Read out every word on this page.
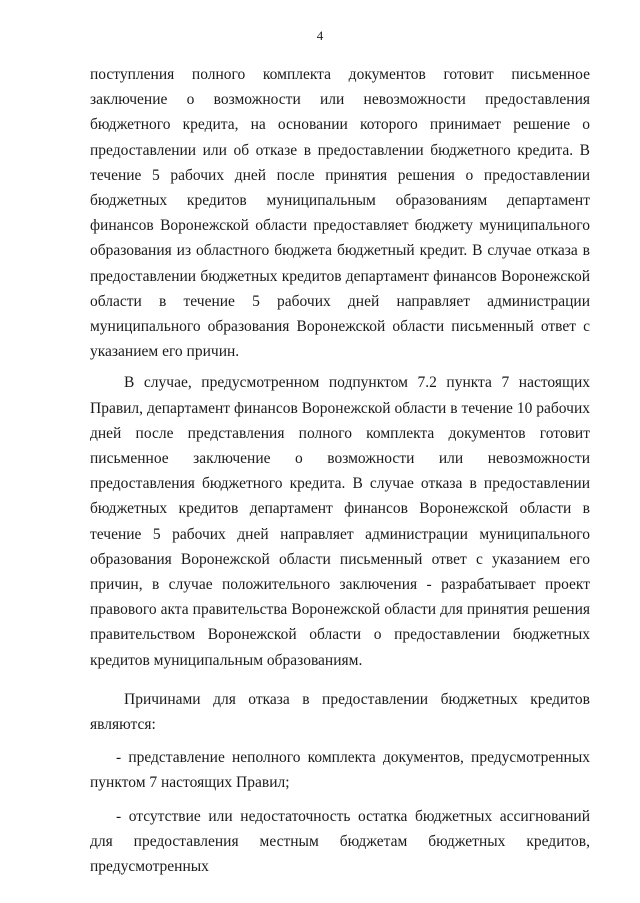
4

поступления полного комплекта документов готовит письменное заключение о возможности или невозможности предоставления бюджетного кредита, на основании которого принимает решение о предоставлении или об отказе в предоставлении бюджетного кредита. В течение 5 рабочих дней после принятия решения о предоставлении бюджетных кредитов муниципальным образованиям департамент финансов Воронежской области предоставляет бюджету муниципального образования из областного бюджета бюджетный кредит. В случае отказа в предоставлении бюджетных кредитов департамент финансов Воронежской области в течение 5 рабочих дней направляет администрации муниципального образования Воронежской области письменный ответ с указанием его причин.

В случае, предусмотренном подпунктом 7.2 пункта 7 настоящих Правил, департамент финансов Воронежской области в течение 10 рабочих дней после представления полного комплекта документов готовит письменное заключение о возможности или невозможности предоставления бюджетного кредита. В случае отказа в предоставлении бюджетных кредитов департамент финансов Воронежской области в течение 5 рабочих дней направляет администрации муниципального образования Воронежской области письменный ответ с указанием его причин, в случае положительного заключения - разрабатывает проект правового акта правительства Воронежской области для принятия решения правительством Воронежской области о предоставлении бюджетных кредитов муниципальным образованиям.

Причинами для отказа в предоставлении бюджетных кредитов являются:

- представление неполного комплекта документов, предусмотренных пунктом 7 настоящих Правил;

- отсутствие или недостаточность остатка бюджетных ассигнований для предоставления местным бюджетам бюджетных кредитов, предусмотренных
